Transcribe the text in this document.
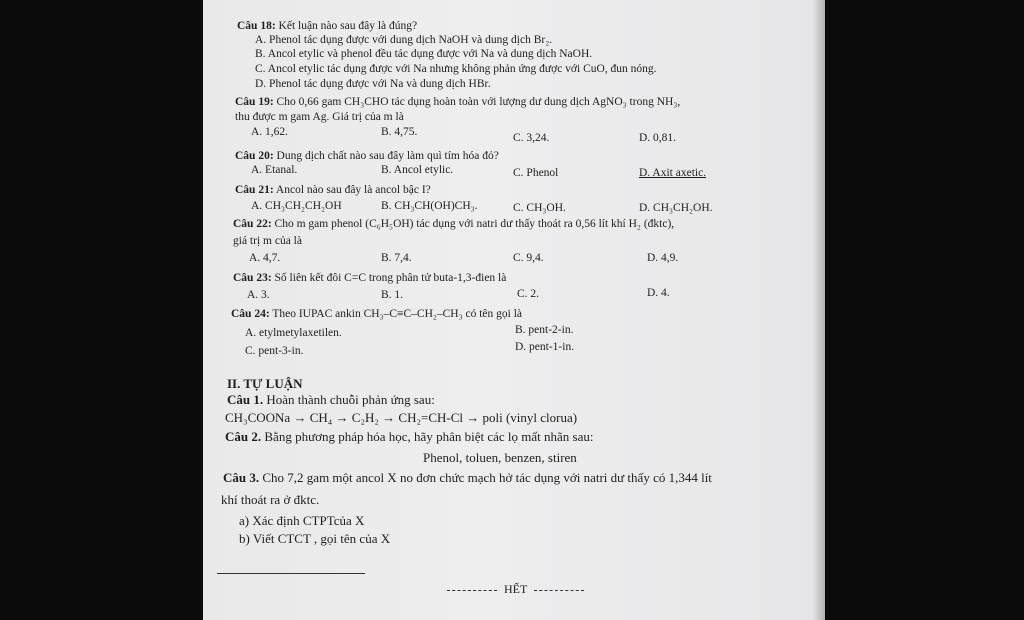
Câu 18: Kết luận nào sau đây là đúng?
A. Phenol tác dụng được với dung dịch NaOH và dung dịch Br₂.
B. Ancol etylic và phenol đều tác dụng được với Na và dung dịch NaOH.
C. Ancol etylic tác dụng được với Na nhưng không phản ứng được với CuO, đun nóng.
D. Phenol tác dụng được với Na và dung dịch HBr.
Câu 19: Cho 0,66 gam CH₃CHO tác dụng hoàn toàn với lượng dư dung dịch AgNO₃ trong NH₃,
thu được m gam Ag. Giá trị của m là
A. 1,62.	B. 4,75.	C. 3,24.	D. 0,81.
Câu 20: Dung dịch chất nào sau đây làm quì tím hóa đỏ?
A. Etanal.	B. Ancol etylic.	C. Phenol	D. Axit axetic.
Câu 21: Ancol nào sau đây là ancol bậc I?
A. CH₃CH₂CH₂OH	B. CH₃CH(OH)CH₃.	C. CH₃OH.	D. CH₃CH₂OH.
Câu 22: Cho m gam phenol (C₆H₅OH) tác dụng với natri dư thấy thoát ra 0,56 lít khí H₂ (đktc),
giá trị m của là
A. 4,7.	B. 7,4.	C. 9,4.	D. 4,9.
Câu 23: Số liên kết đôi C=C trong phân tử buta-1,3-đien là
A. 3.	B. 1.	C. 2.	D. 4.
Câu 24: Theo IUPAC ankin CH₃–C≡C–CH₂–CH₃ có tên gọi là
A. etylmetylaxetilen.	B. pent-2-in.
C. pent-3-in.	D. pent-1-in.
II. TỰ LUẬN
Câu 1. Hoàn thành chuỗi phản ứng sau:
CH₃COONa → CH₄ → C₂H₂ → CH₂=CH-Cl → poli (vinyl clorua)
Câu 2. Bằng phương pháp hóa học, hãy phân biệt các lọ mất nhãn sau:
Phenol, toluen, benzen, stiren
Câu 3. Cho 7,2 gam một ancol X no đơn chức mạch hở tác dụng với natri dư thấy có 1,344 lít
khí thoát ra ở đktc.
a) Xác định CTPTcủa X
b) Viết CTCT , gọi tên của X
HẾT
